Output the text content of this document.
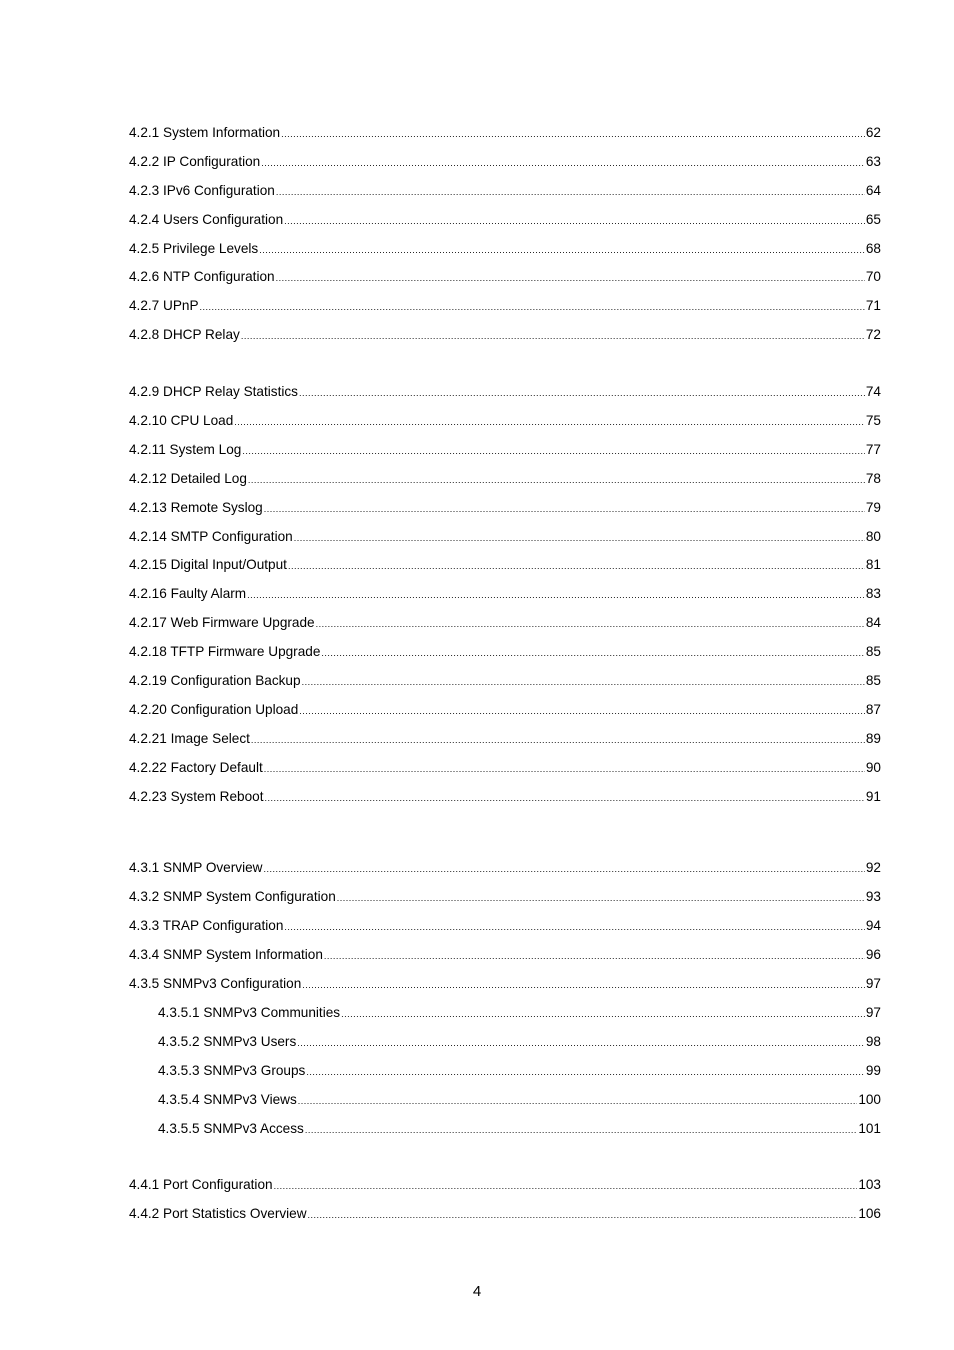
4.2.1 System Information .....	62
4.2.2 IP Configuration .....	63
4.2.3 IPv6 Configuration .....	64
4.2.4 Users Configuration .....	65
4.2.5 Privilege Levels .....	68
4.2.6 NTP Configuration .....	70
4.2.7 UPnP .....	71
4.2.8 DHCP Relay .....	72
4.2.9 DHCP Relay Statistics .....	74
4.2.10 CPU Load .....	75
4.2.11 System Log .....	77
4.2.12 Detailed Log .....	78
4.2.13 Remote Syslog .....	79
4.2.14 SMTP Configuration .....	80
4.2.15 Digital Input/Output .....	81
4.2.16 Faulty Alarm .....	83
4.2.17 Web Firmware Upgrade .....	84
4.2.18 TFTP Firmware Upgrade .....	85
4.2.19 Configuration Backup .....	85
4.2.20 Configuration Upload .....	87
4.2.21 Image Select .....	89
4.2.22 Factory Default .....	90
4.2.23 System Reboot .....	91
4.3.1 SNMP Overview .....	92
4.3.2 SNMP System Configuration .....	93
4.3.3 TRAP Configuration .....	94
4.3.4 SNMP System Information .....	96
4.3.5 SNMPv3 Configuration .....	97
4.3.5.1 SNMPv3 Communities .....	97
4.3.5.2 SNMPv3 Users .....	98
4.3.5.3 SNMPv3 Groups .....	99
4.3.5.4 SNMPv3 Views .....	100
4.3.5.5 SNMPv3 Access .....	101
4.4.1 Port Configuration .....	103
4.4.2 Port Statistics Overview .....	106
4
